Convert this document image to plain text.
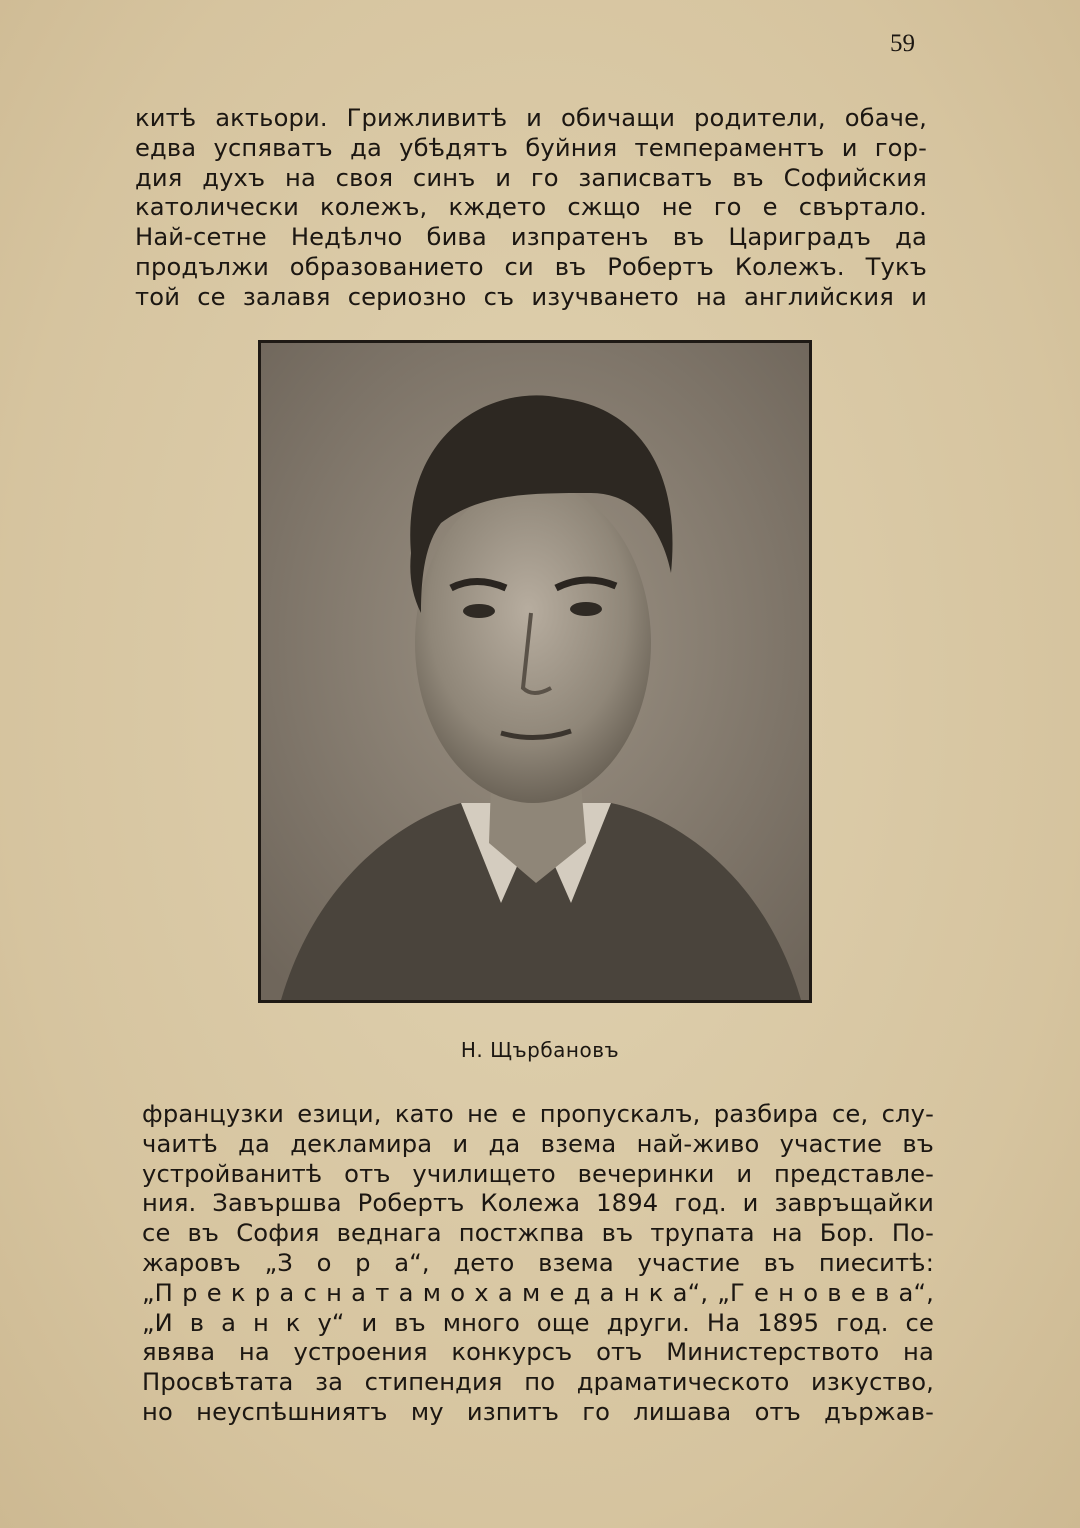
59
китѣ актьори. Грижливитѣ и обичащи родители, обаче,
едва успяватъ да убѣдятъ буйния темпераментъ и гор-
дия духъ на своя синъ и го записватъ въ Софийския
католически колежъ, кждето сжщо не го е свъртало.
Най-сетне Недѣлчо бива изпратенъ въ Цариградъ да
продължи образованието си въ Робертъ Колежъ. Тукъ
той се залавя сериозно съ изучването на английския и
Н. Щърбановъ
французки езици, като не е пропускалъ, разбира се, слу-
чаитѣ да декламира и да вземa най-живо участие въ
устройванитѣ отъ училището вечеринки и представле-
ния. Завършва Робертъ Колежа 1894 год. и завръщайки
се въ София веднага постжпва въ трупата на Бор. По-
жаровъ „З о р а“, дето взема участие въ пиеситѣ:
„П р е к р а с н а т а м о х а м е д а н к а“, „Г е н о в е в а“,
„И в а н к у“ и въ много още други. На 1895 год. се
явява на устроения конкурсъ отъ Министерството на
Просвѣтата за стипендия по драматическото изкуство,
но неуспѣшниятъ му изпитъ го лишава отъ държав-
